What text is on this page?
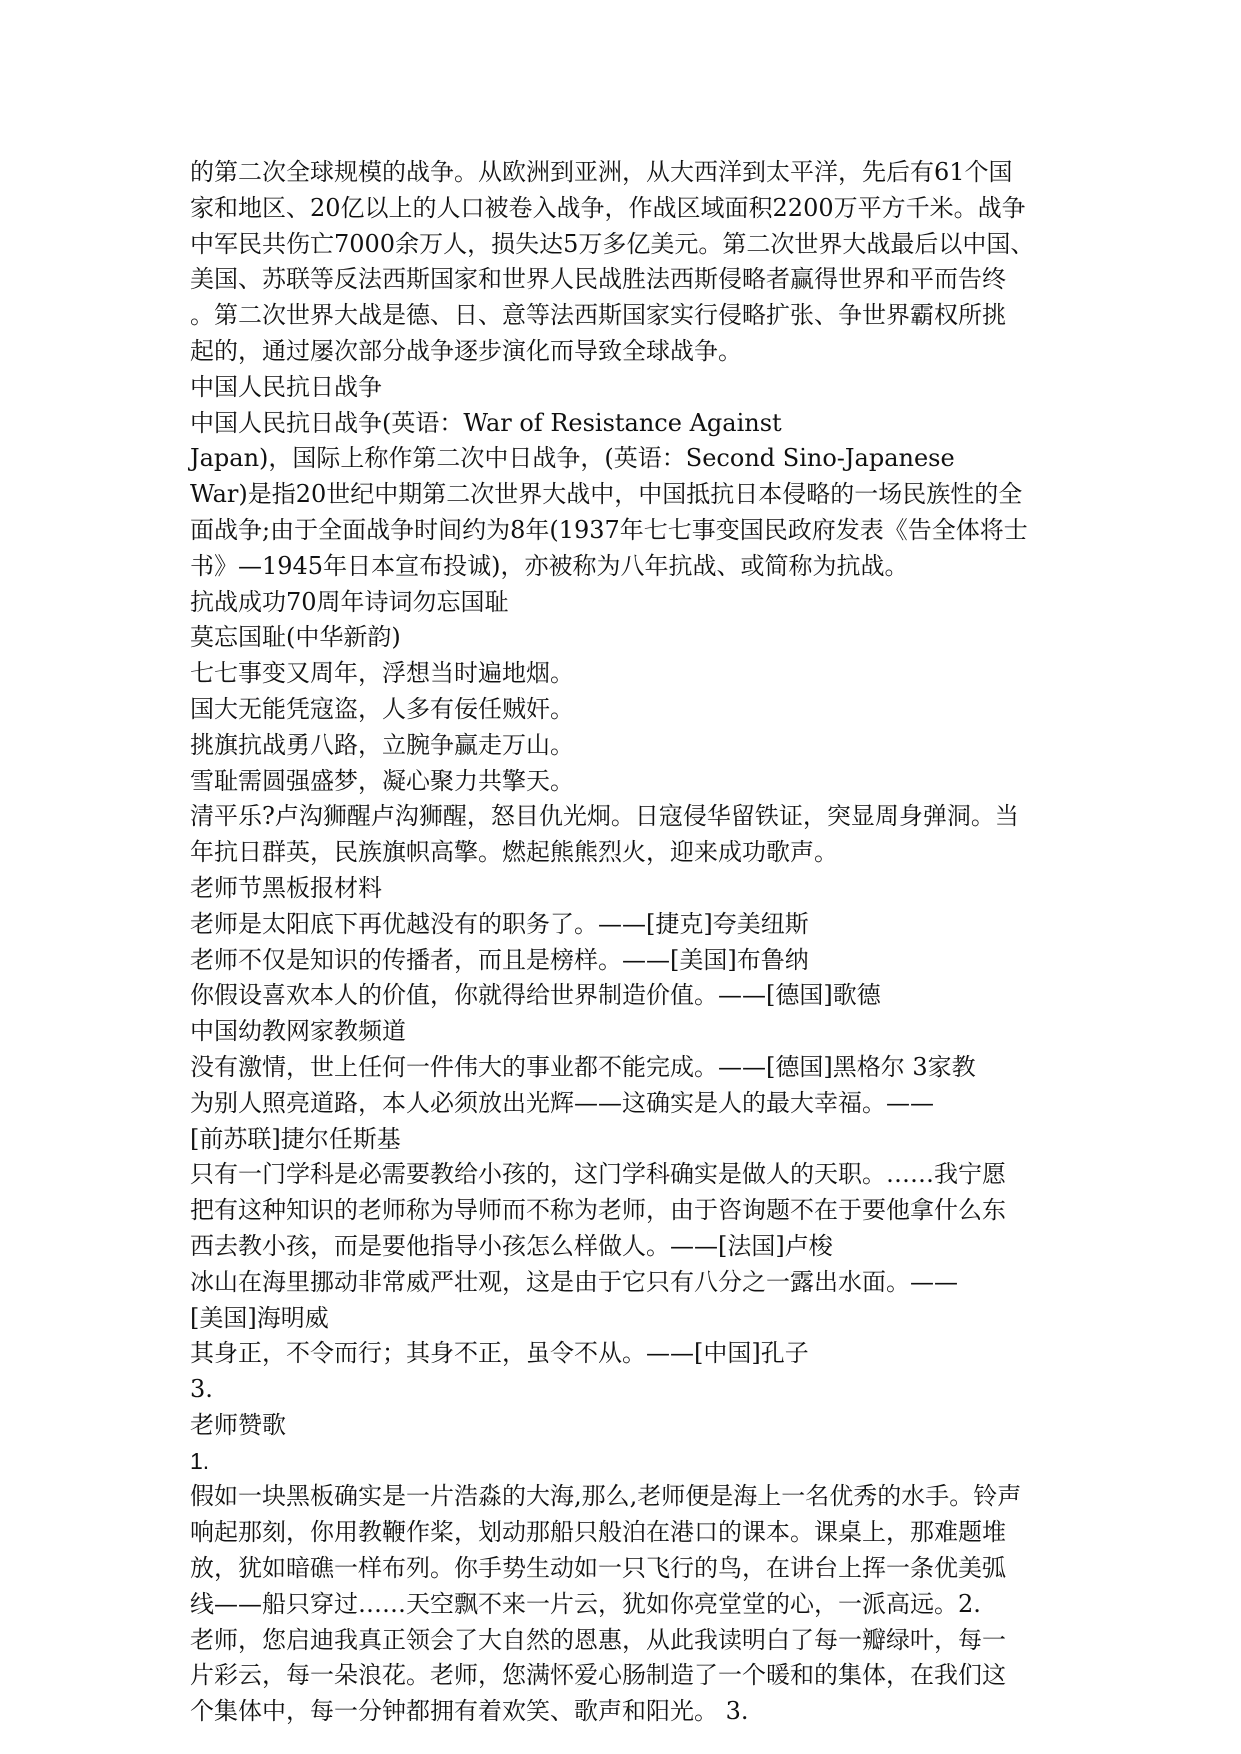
的第二次全球规模的战争。从欧洲到亚洲，从大西洋到太平洋，先后有61个国
家和地区、20亿以上的人口被卷入战争，作战区域面积2200万平方千米。战争
中军民共伤亡7000余万人，损失达5万多亿美元。第二次世界大战最后以中国、
美国、苏联等反法西斯国家和世界人民战胜法西斯侵略者赢得世界和平而告终
。第二次世界大战是德、日、意等法西斯国家实行侵略扩张、争世界霸权所挑
起的，通过屡次部分战争逐步演化而导致全球战争。
中国人民抗日战争
中国人民抗日战争(英语：War of Resistance Against
Japan)，国际上称作第二次中日战争，(英语：Second Sino-Japanese
War)是指20世纪中期第二次世界大战中，中国抵抗日本侵略的一场民族性的全
面战争;由于全面战争时间约为8年(1937年七七事变国民政府发表《告全体将士
书》—1945年日本宣布投诚)，亦被称为八年抗战、或简称为抗战。
抗战成功70周年诗词勿忘国耻
莫忘国耻(中华新韵)
七七事变又周年，浮想当时遍地烟。
国大无能凭寇盗，人多有佞任贼奸。
挑旗抗战勇八路，立腕争赢走万山。
雪耻需圆强盛梦，凝心聚力共擎天。
清平乐?卢沟狮醒卢沟狮醒，怒目仇光炯。日寇侵华留铁证，突显周身弹洞。当
年抗日群英，民族旗帜高擎。燃起熊熊烈火，迎来成功歌声。
老师节黑板报材料
老师是太阳底下再优越没有的职务了。——[捷克]夸美纽斯
老师不仅是知识的传播者，而且是榜样。——[美国]布鲁纳
你假设喜欢本人的价值，你就得给世界制造价值。——[德国]歌德
中国幼教网家教频道
没有激情，世上任何一件伟大的事业都不能完成。——[德国]黑格尔 3家教
为别人照亮道路，本人必须放出光辉——这确实是人的最大幸福。——
[前苏联]捷尔任斯基
只有一门学科是必需要教给小孩的，这门学科确实是做人的天职。……我宁愿
把有这种知识的老师称为导师而不称为老师，由于咨询题不在于要他拿什么东
西去教小孩，而是要他指导小孩怎么样做人。——[法国]卢梭
冰山在海里挪动非常威严壮观，这是由于它只有八分之一露出水面。——
[美国]海明威
其身正，不令而行；其身不正，虽令不从。——[中国]孔子
3.
老师赞歌
1.
假如一块黑板确实是一片浩淼的大海,那么,老师便是海上一名优秀的水手。铃声
响起那刻，你用教鞭作桨，划动那船只般泊在港口的课本。课桌上，那难题堆
放，犹如暗礁一样布列。你手势生动如一只飞行的鸟，在讲台上挥一条优美弧
线——船只穿过……天空飘不来一片云，犹如你亮堂堂的心，一派高远。2.
老师，您启迪我真正领会了大自然的恩惠，从此我读明白了每一瓣绿叶，每一
片彩云，每一朵浪花。老师，您满怀爱心肠制造了一个暖和的集体，在我们这
个集体中，每一分钟都拥有着欢笑、歌声和阳光。 3.
